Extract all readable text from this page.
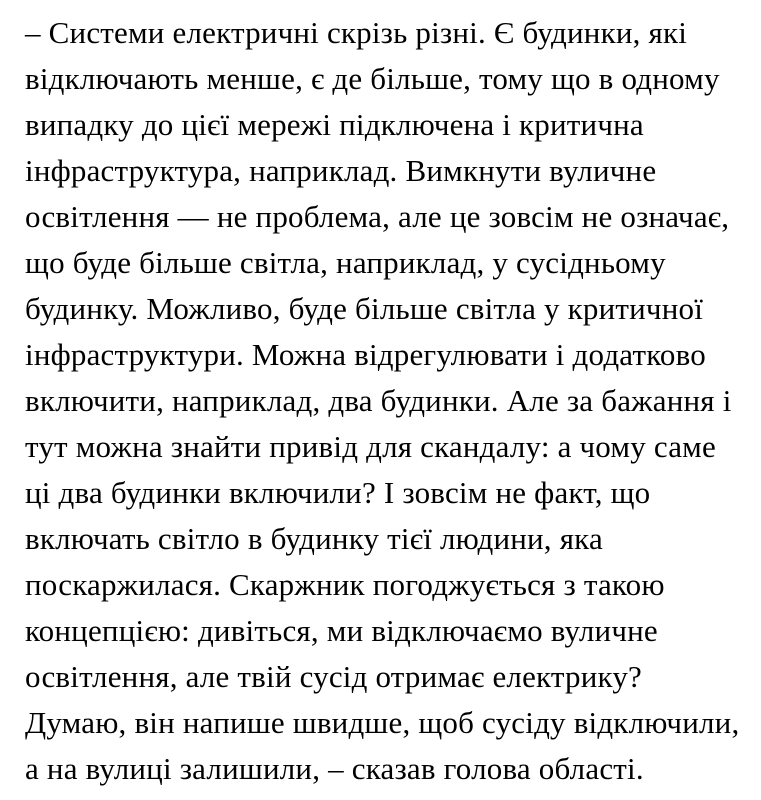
– Системи електричні скрізь різні. Є будинки, які
відключають менше, є де більше, тому що в одному
випадку до цієї мережі підключена і критична
інфраструктура, наприклад. Вимкнути вуличне
освітлення — не проблема, але це зовсім не означає,
що буде більше світла, наприклад, у сусідньому
будинку. Можливо, буде більше світла у критичної
інфраструктури. Можна відрегулювати і додатково
включити, наприклад, два будинки. Але за бажання і
тут можна знайти привід для скандалу: а чому саме
ці два будинки включили? І зовсім не факт, що
включать світло в будинку тієї людини, яка
поскаржилася. Скаржник погоджується з такою
концепцією: дивіться, ми відключаємо вуличне
освітлення, але твій сусід отримає електрику?
Думаю, він напише швидше, щоб сусіду відключили,
а на вулиці залишили, – сказав голова області.
